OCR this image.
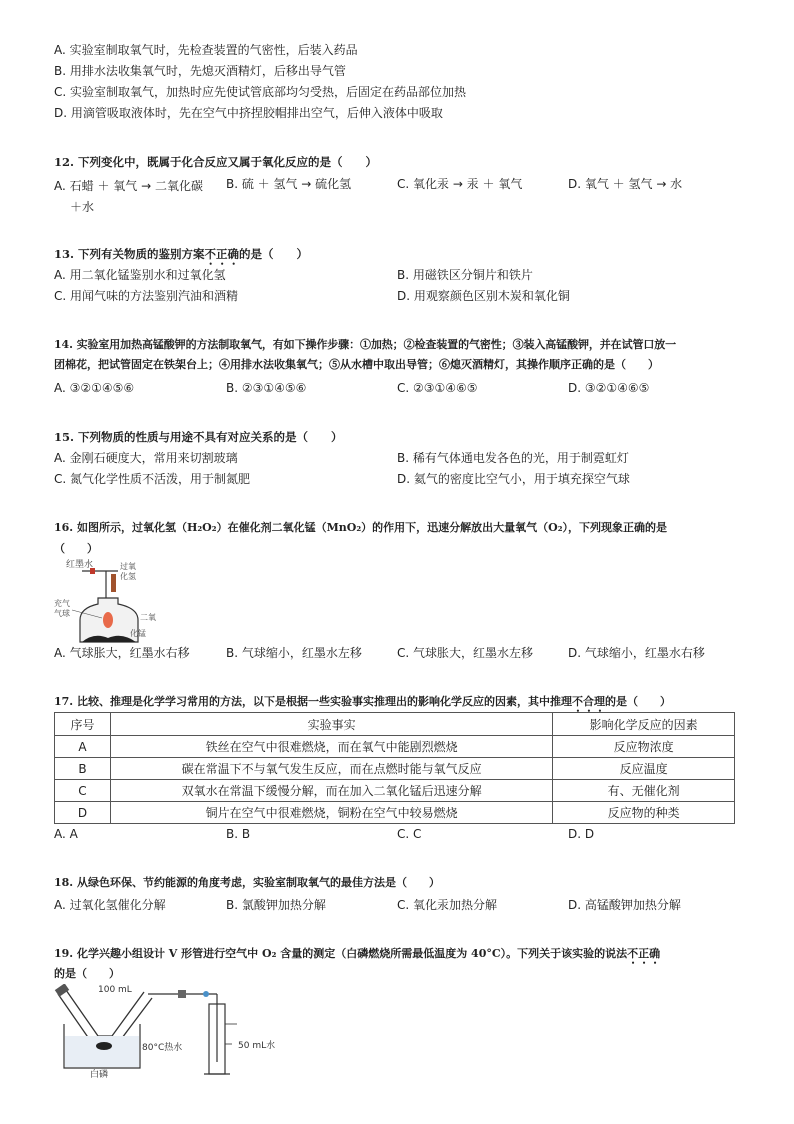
A. 实验室制取氧气时，先检查装置的气密性，后装入药品
B. 用排水法收集氧气时，先熄灭酒精灯，后移出导气管
C. 实验室制取氧气，加热时应先使试管底部均匀受热，后固定在药品部位加热
D. 用滴管吸取液体时，先在空气中挤捏胶帽排出空气，后伸入液体中吸取
12. 下列变化中，既属于化合反应又属于氧化反应的是（　　）
A. 石蜡 ＋ 氧气 → 二氧化碳
＋水
B. 硫 ＋ 氢气 → 硫化氢	C. 氧化汞 → 汞 ＋ 氧气	D. 氧气 ＋ 氢气 → 水
13. 下列有关物质的鉴别方案不正确的是（　　）
A. 用二氧化锰鉴别水和过氧化氢	B. 用磁铁区分铜片和铁片
C. 用闻气味的方法鉴别汽油和酒精	D. 用观察颜色区别木炭和氧化铜
14. 实验室用加热高锰酸钾的方法制取氧气，有如下操作步骤：①加热；②检查装置的气密性；③装入高锰酸钾，并在试管口放一
团棉花，把试管固定在铁架台上；④用排水法收集氧气；⑤从水槽中取出导管；⑥熄灭酒精灯，其操作顺序正确的是（　　）
A. ③②①④⑤⑥	B. ②③①④⑤⑥	C. ②③①④⑥⑤	D. ③②①④⑥⑤
15. 下列物质的性质与用途不具有对应关系的是（　　）
A. 金刚石硬度大，常用来切割玻璃	B. 稀有气体通电发各色的光，用于制霓虹灯
C. 氮气化学性质不活泼，用于制氮肥	D. 氦气的密度比空气小，用于填充探空气球
16. 如图所示，过氧化氢（H₂O₂）在催化剂二氧化锰（MnO₂）的作用下，迅速分解放出大量氧气（O₂），下列现象正确的是
（　　）
红墨水	过氧
化氢
充气
气球	二氧
化锰
A. 气球胀大，红墨水右移	B. 气球缩小，红墨水左移	C. 气球胀大，红墨水左移	D. 气球缩小，红墨水右移
17. 比较、推理是化学学习常用的方法，以下是根据一些实验事实推理出的影响化学反应的因素，其中推理不合理的是（　　）
序号	实验事实	影响化学反应的因素
A	铁丝在空气中很难燃烧，而在氧气中能剧烈燃烧	反应物浓度
B	碳在常温下不与氧气发生反应，而在点燃时能与氧气反应	反应温度
C	双氧水在常温下缓慢分解，而在加入二氧化锰后迅速分解	有、无催化剂
D	铜片在空气中很难燃烧，铜粉在空气中较易燃烧	反应物的种类
A. A	B. B	C. C	D. D
18. 从绿色环保、节约能源的角度考虑，实验室制取氧气的最佳方法是（　　）
A. 过氧化氢催化分解	B. 氯酸钾加热分解	C. 氧化汞加热分解	D. 高锰酸钾加热分解
19. 化学兴趣小组设计 V 形管进行空气中 O₂ 含量的测定（白磷燃烧所需最低温度为 40°C）。下列关于该实验的说法不正确
的是（　　）
100 mL
80°C热水	50 mL水
白磷
